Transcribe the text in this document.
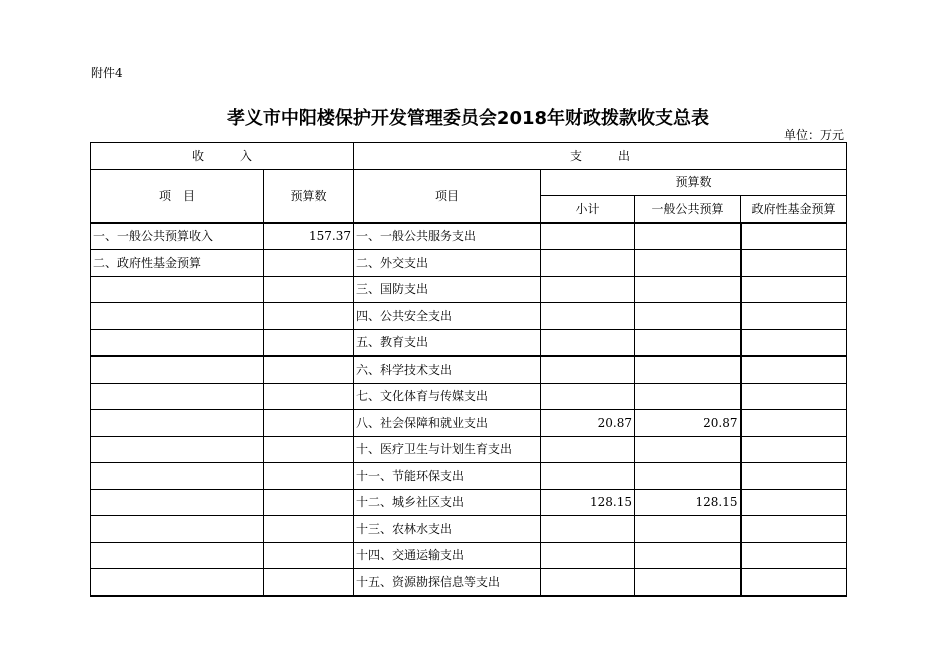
附件4
孝义市中阳楼保护开发管理委员会2018年财政拨款收支总表
单位：万元
收　　　入		支　　　出			
项　目	预算数	项目	预算数		
			小计	一般公共预算	政府性基金预算
一、一般公共预算收入	157.37	一、一般公共服务支出			
二、政府性基金预算		二、外交支出			
		三、国防支出			
		四、公共安全支出			
		五、教育支出			
		六、科学技术支出			
		七、文化体育与传媒支出			
		八、社会保障和就业支出	20.87	20.87	
		十、医疗卫生与计划生育支出			
		十一、节能环保支出			
		十二、城乡社区支出	128.15	128.15	
		十三、农林水支出			
		十四、交通运输支出			
		十五、资源勘探信息等支出			
